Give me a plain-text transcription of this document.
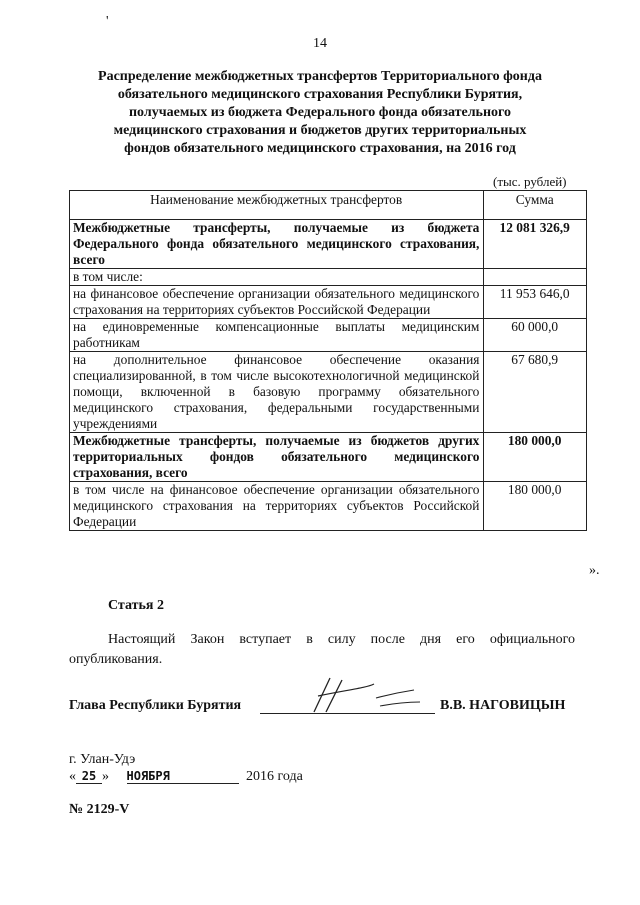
'
14
Распределение межбюджетных трансфертов Территориального фонда
обязательного медицинского страхования Республики Бурятия,
получаемых из бюджета Федерального фонда обязательного
медицинского страхования и бюджетов других территориальных
фондов обязательного медицинского страхования, на 2016 год
(тыс. рублей)
Наименование межбюджетных трансфертов	Сумма
Межбюджетные трансферты, получаемые из бюджета Федерального фонда обязательного медицинского страхования, всего	12 081 326,9
в том числе:	
на финансовое обеспечение организации обязательного медицинского страхования на территориях субъектов Российской Федерации	11 953 646,0
на единовременные компенсационные выплаты медицинским работникам	60 000,0
на дополнительное финансовое обеспечение оказания специализированной, в том числе высокотехнологичной медицинской помощи, включенной в базовую программу обязательного медицинского страхования, федеральными государственными учреждениями	67 680,9
Межбюджетные трансферты, получаемые из бюджетов других территориальных фондов обязательного медицинского страхования, всего	180 000,0
в том числе на финансовое обеспечение организации обязательного медицинского страхования на территориях субъектов Российской Федерации	180 000,0
».
Статья 2
Настоящий Закон вступает в силу после дня его официального опубликования.
Глава Республики Бурятия	В.В. НАГОВИЦЫН
г. Улан-Удэ
« 25 » НОЯБРЯ	2016 года
№ 2129-V
